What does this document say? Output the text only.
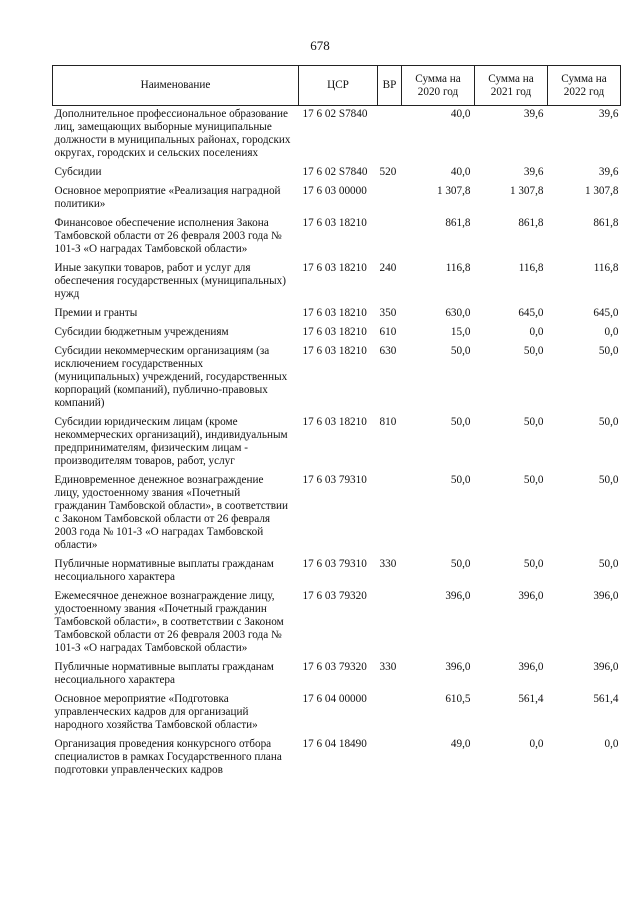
678
Наименование	ЦСР	ВР	Сумма на 2020 год	Сумма на 2021 год	Сумма на 2022 год
Дополнительное профессиональное образование лиц, замещающих выборные муниципальные должности в муниципальных районах, городских округах, городских и сельских поселениях	17 6 02 S7840		40,0	39,6	39,6
Субсидии	17 6 02 S7840	520	40,0	39,6	39,6
Основное мероприятие «Реализация наградной политики»	17 6 03 00000		1 307,8	1 307,8	1 307,8
Финансовое обеспечение исполнения Закона Тамбовской области от 26 февраля 2003 года № 101-З «О наградах Тамбовской области»	17 6 03 18210		861,8	861,8	861,8
Иные закупки товаров, работ и услуг для обеспечения государственных (муниципальных) нужд	17 6 03 18210	240	116,8	116,8	116,8
Премии и гранты	17 6 03 18210	350	630,0	645,0	645,0
Субсидии бюджетным учреждениям	17 6 03 18210	610	15,0	0,0	0,0
Субсидии некоммерческим организациям (за исключением государственных (муниципальных) учреждений, государственных корпораций (компаний), публично-правовых компаний)	17 6 03 18210	630	50,0	50,0	50,0
Субсидии юридическим лицам (кроме некоммерческих организаций), индивидуальным предпринимателям, физическим лицам - производителям товаров, работ, услуг	17 6 03 18210	810	50,0	50,0	50,0
Единовременное денежное вознаграждение лицу, удостоенному звания «Почетный гражданин Тамбовской области», в соответствии с Законом Тамбовской области от 26 февраля 2003 года № 101-З «О наградах Тамбовской области»	17 6 03 79310		50,0	50,0	50,0
Публичные нормативные выплаты гражданам несоциального характера	17 6 03 79310	330	50,0	50,0	50,0
Ежемесячное денежное вознаграждение лицу, удостоенному звания «Почетный гражданин Тамбовской области», в соответствии с Законом Тамбовской области от 26 февраля 2003 года № 101-З «О наградах Тамбовской области»	17 6 03 79320		396,0	396,0	396,0
Публичные нормативные выплаты гражданам несоциального характера	17 6 03 79320	330	396,0	396,0	396,0
Основное мероприятие «Подготовка управленческих кадров для организаций народного хозяйства Тамбовской области»	17 6 04 00000		610,5	561,4	561,4
Организация проведения конкурсного отбора специалистов в рамках Государственного плана подготовки управленческих кадров	17 6 04 18490		49,0	0,0	0,0
